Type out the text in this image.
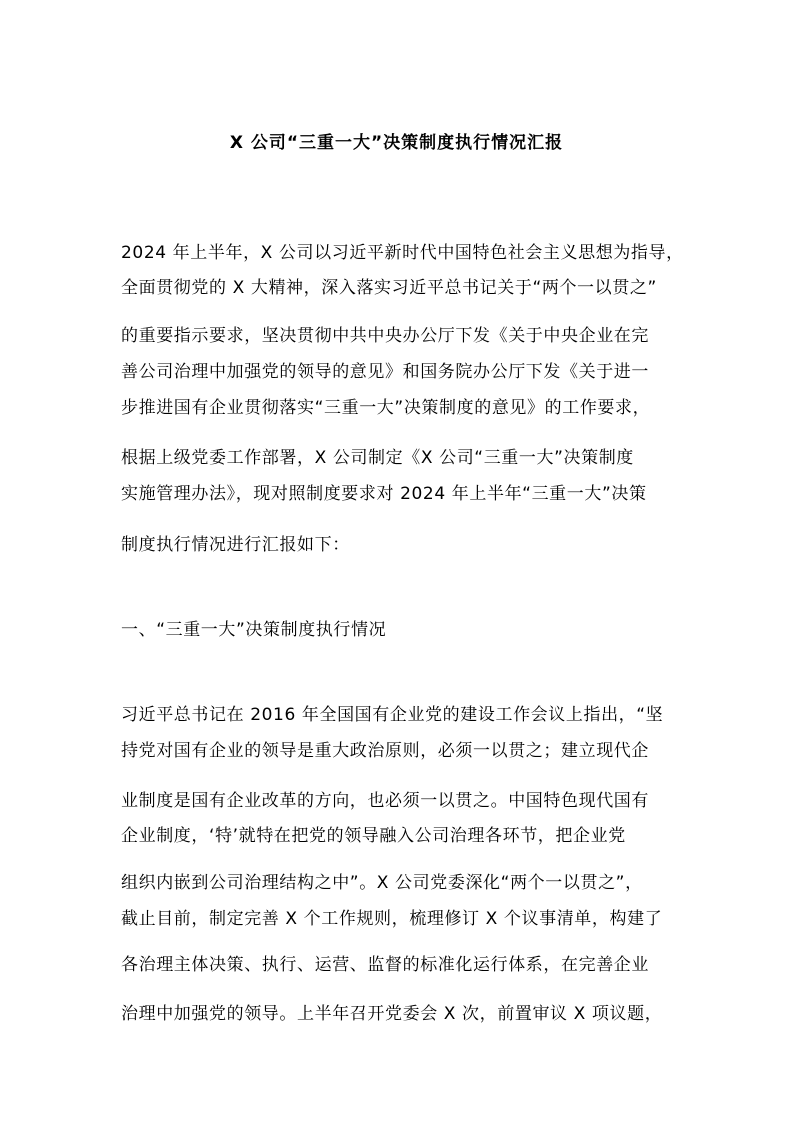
X 公司“三重一大”决策制度执行情况汇报
2024 年上半年，X 公司以习近平新时代中国特色社会主义思想为指导，
全面贯彻党的 X 大精神，深入落实习近平总书记关于“两个一以贯之”
的重要指示要求，坚决贯彻中共中央办公厅下发《关于中央企业在完
善公司治理中加强党的领导的意见》和国务院办公厅下发《关于进一
步推进国有企业贯彻落实“三重一大”决策制度的意见》的工作要求，
根据上级党委工作部署，X 公司制定《X 公司“三重一大”决策制度
实施管理办法》，现对照制度要求对 2024 年上半年“三重一大”决策
制度执行情况进行汇报如下：
一、“三重一大”决策制度执行情况
习近平总书记在 2016 年全国国有企业党的建设工作会议上指出，“坚
持党对国有企业的领导是重大政治原则，必须一以贯之；建立现代企
业制度是国有企业改革的方向，也必须一以贯之。中国特色现代国有
企业制度，‘特’就特在把党的领导融入公司治理各环节，把企业党
组织内嵌到公司治理结构之中”。X 公司党委深化“两个一以贯之”，
截止目前，制定完善 X 个工作规则，梳理修订 X 个议事清单，构建了
各治理主体决策、执行、运营、监督的标准化运行体系，在完善企业
治理中加强党的领导。上半年召开党委会 X 次，前置审议 X 项议题，
